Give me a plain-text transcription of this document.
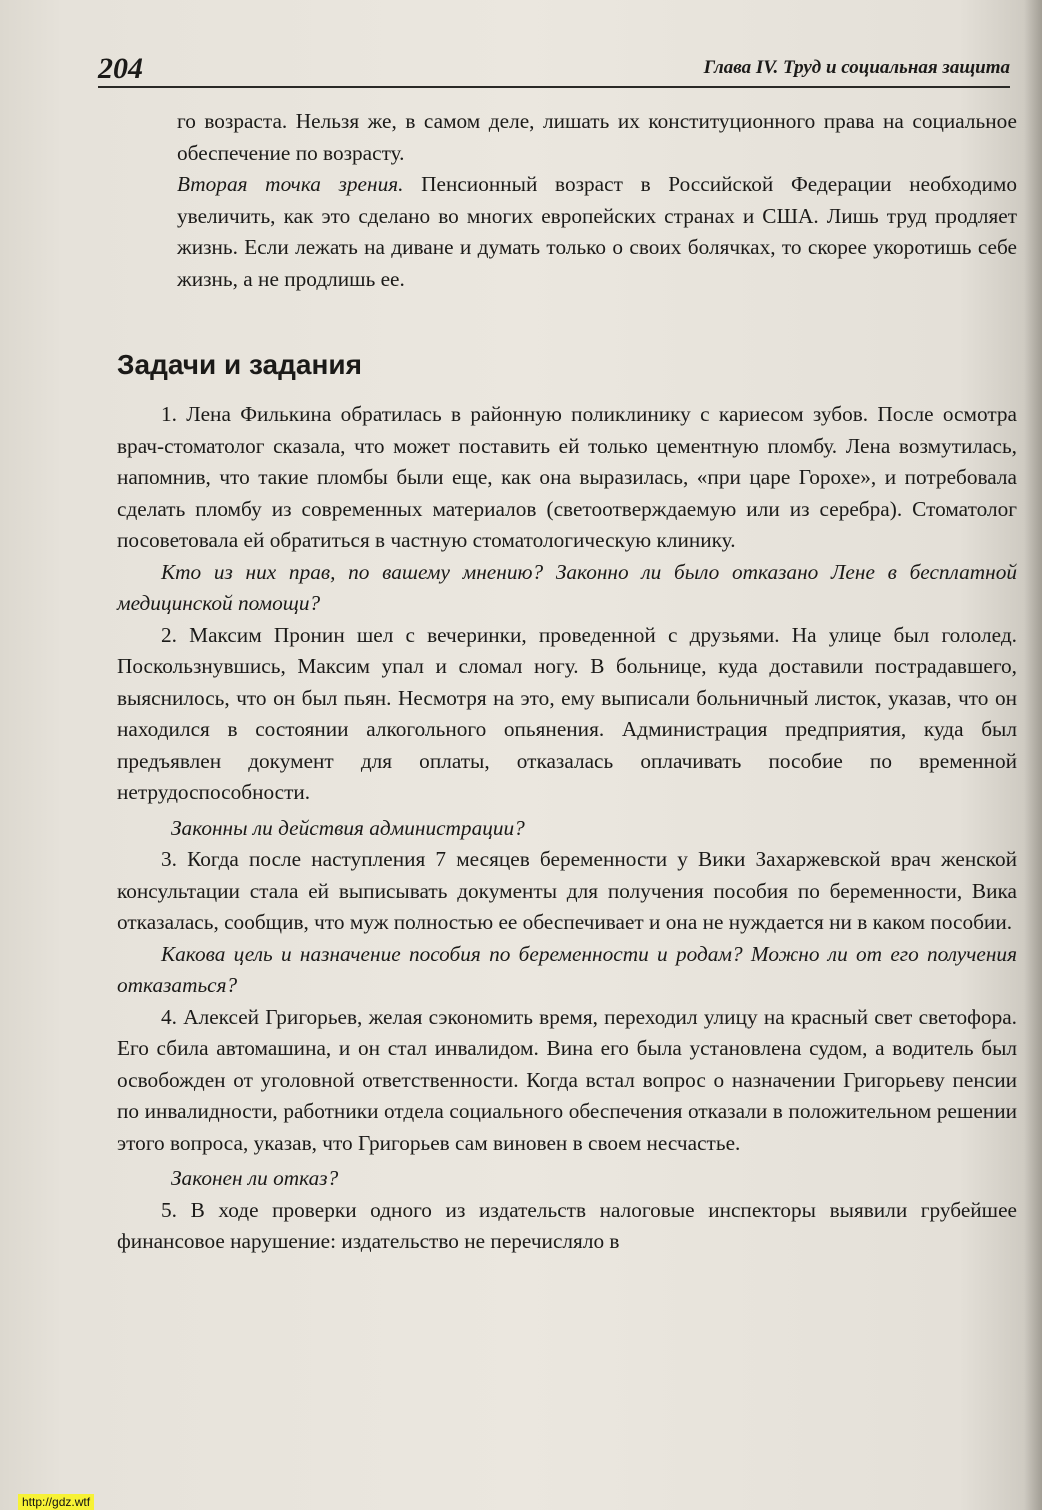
204	Глава IV. Труд и социальная защита

го возраста. Нельзя же, в самом деле, лишать их конституционного права на социальное обеспечение по возрасту.

Вторая точка зрения. Пенсионный возраст в Российской Федерации необходимо увеличить, как это сделано во многих европейских странах и США. Лишь труд продляет жизнь. Если лежать на диване и думать только о своих болячках, то скорее укоротишь себе жизнь, а не продлишь ее.

Задачи и задания

1. Лена Филькина обратилась в районную поликлинику с кариесом зубов. После осмотра врач-стоматолог сказала, что может поставить ей только цементную пломбу. Лена возмутилась, напомнив, что такие пломбы были еще, как она выразилась, «при царе Горохе», и потребовала сделать пломбу из современных материалов (светоотверждаемую или из серебра). Стоматолог посоветовала ей обратиться в частную стоматологическую клинику.

Кто из них прав, по вашему мнению? Законно ли было отказано Лене в бесплатной медицинской помощи?

2. Максим Пронин шел с вечеринки, проведенной с друзьями. На улице был гололед. Поскользнувшись, Максим упал и сломал ногу. В больнице, куда доставили пострадавшего, выяснилось, что он был пьян. Несмотря на это, ему выписали больничный листок, указав, что он находился в состоянии алкогольного опьянения. Администрация предприятия, куда был предъявлен документ для оплаты, отказалась оплачивать пособие по временной нетрудоспособности.

Законны ли действия администрации?

3. Когда после наступления 7 месяцев беременности у Вики Захаржевской врач женской консультации стала ей выписывать документы для получения пособия по беременности, Вика отказалась, сообщив, что муж полностью ее обеспечивает и она не нуждается ни в каком пособии.

Какова цель и назначение пособия по беременности и родам? Можно ли от его получения отказаться?

4. Алексей Григорьев, желая сэкономить время, переходил улицу на красный свет светофора. Его сбила автомашина, и он стал инвалидом. Вина его была установлена судом, а водитель был освобожден от уголовной ответственности. Когда встал вопрос о назначении Григорьеву пенсии по инвалидности, работники отдела социального обеспечения отказали в положительном решении этого вопроса, указав, что Григорьев сам виновен в своем несчастье.

Законен ли отказ?

5. В ходе проверки одного из издательств налоговые инспекторы выявили грубейшее финансовое нарушение: издательство не перечисляло в

http://gdz.wtf
